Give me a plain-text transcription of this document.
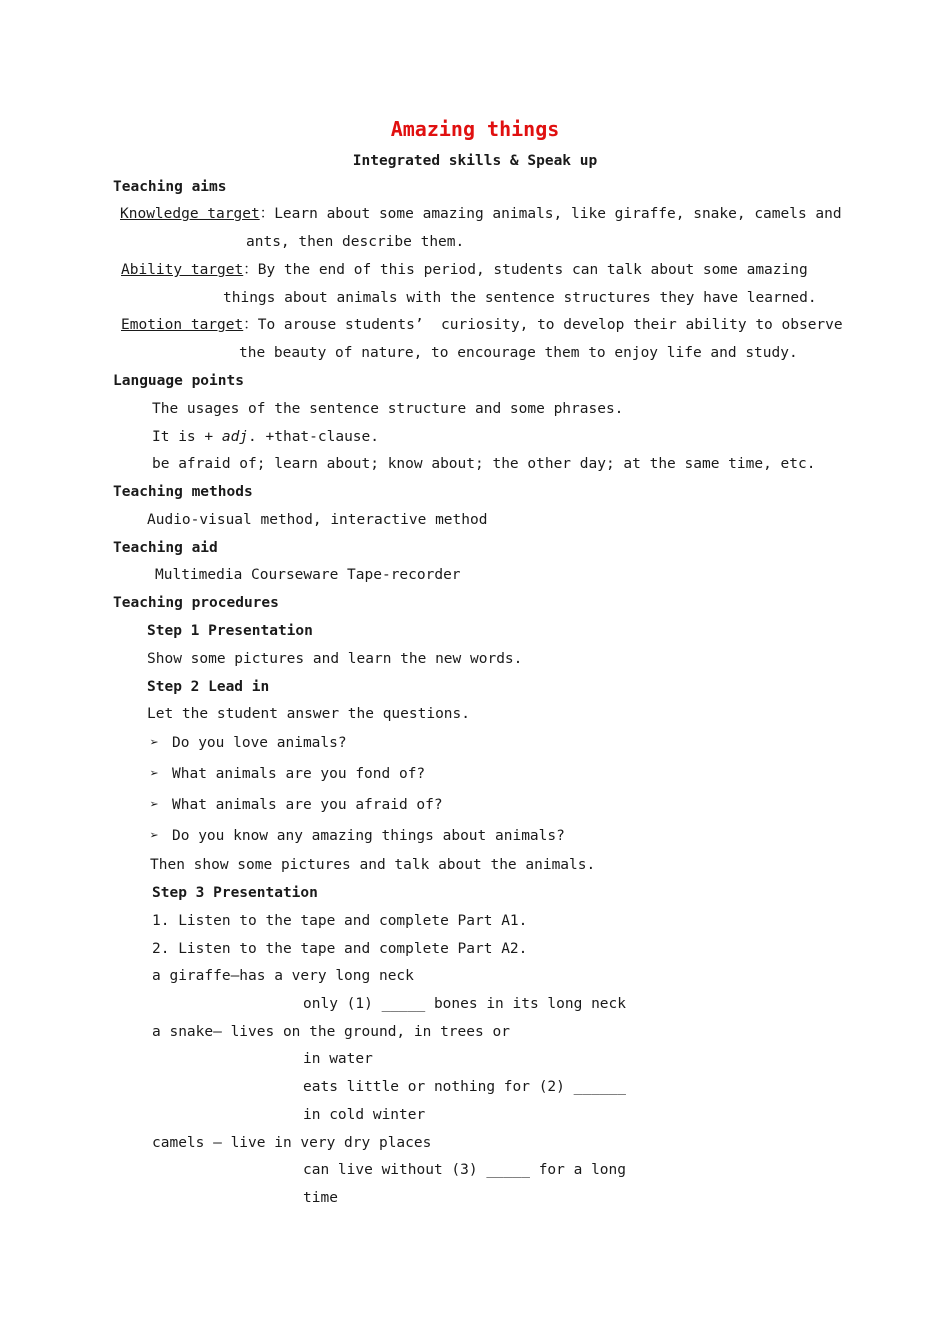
Amazing things
Integrated skills & Speak up
Teaching aims
Knowledge target：Learn about some amazing animals, like giraffe, snake, camels and
ants, then describe them.
Ability target：By the end of this period, students can talk about some amazing
things about animals with the sentence structures they have learned.
Emotion target：To arouse students’  curiosity, to develop their ability to observe
the beauty of nature, to encourage them to enjoy life and study.
Language points
The usages of the sentence structure and some phrases.
It is + adj. +that-clause.
be afraid of; learn about; know about; the other day; at the same time, etc.
Teaching methods
Audio-visual method, interactive method
Teaching aid
Multimedia Courseware Tape-recorder
Teaching procedures
Step 1 Presentation
Show some pictures and learn the new words.
Step 2 Lead in
Let the student answer the questions.
➢ Do you love animals?
➢ What animals are you fond of?
➢ What animals are you afraid of?
➢ Do you know any amazing things about animals?
Then show some pictures and talk about the animals.
Step 3 Presentation
1. Listen to the tape and complete Part A1.
2. Listen to the tape and complete Part A2.
a giraffe—has a very long neck
only (1) _____ bones in its long neck
a snake— lives on the ground, in trees or
in water
eats little or nothing for (2) ______
in cold winter
camels — live in very dry places
can live without (3) _____ for a long
time
